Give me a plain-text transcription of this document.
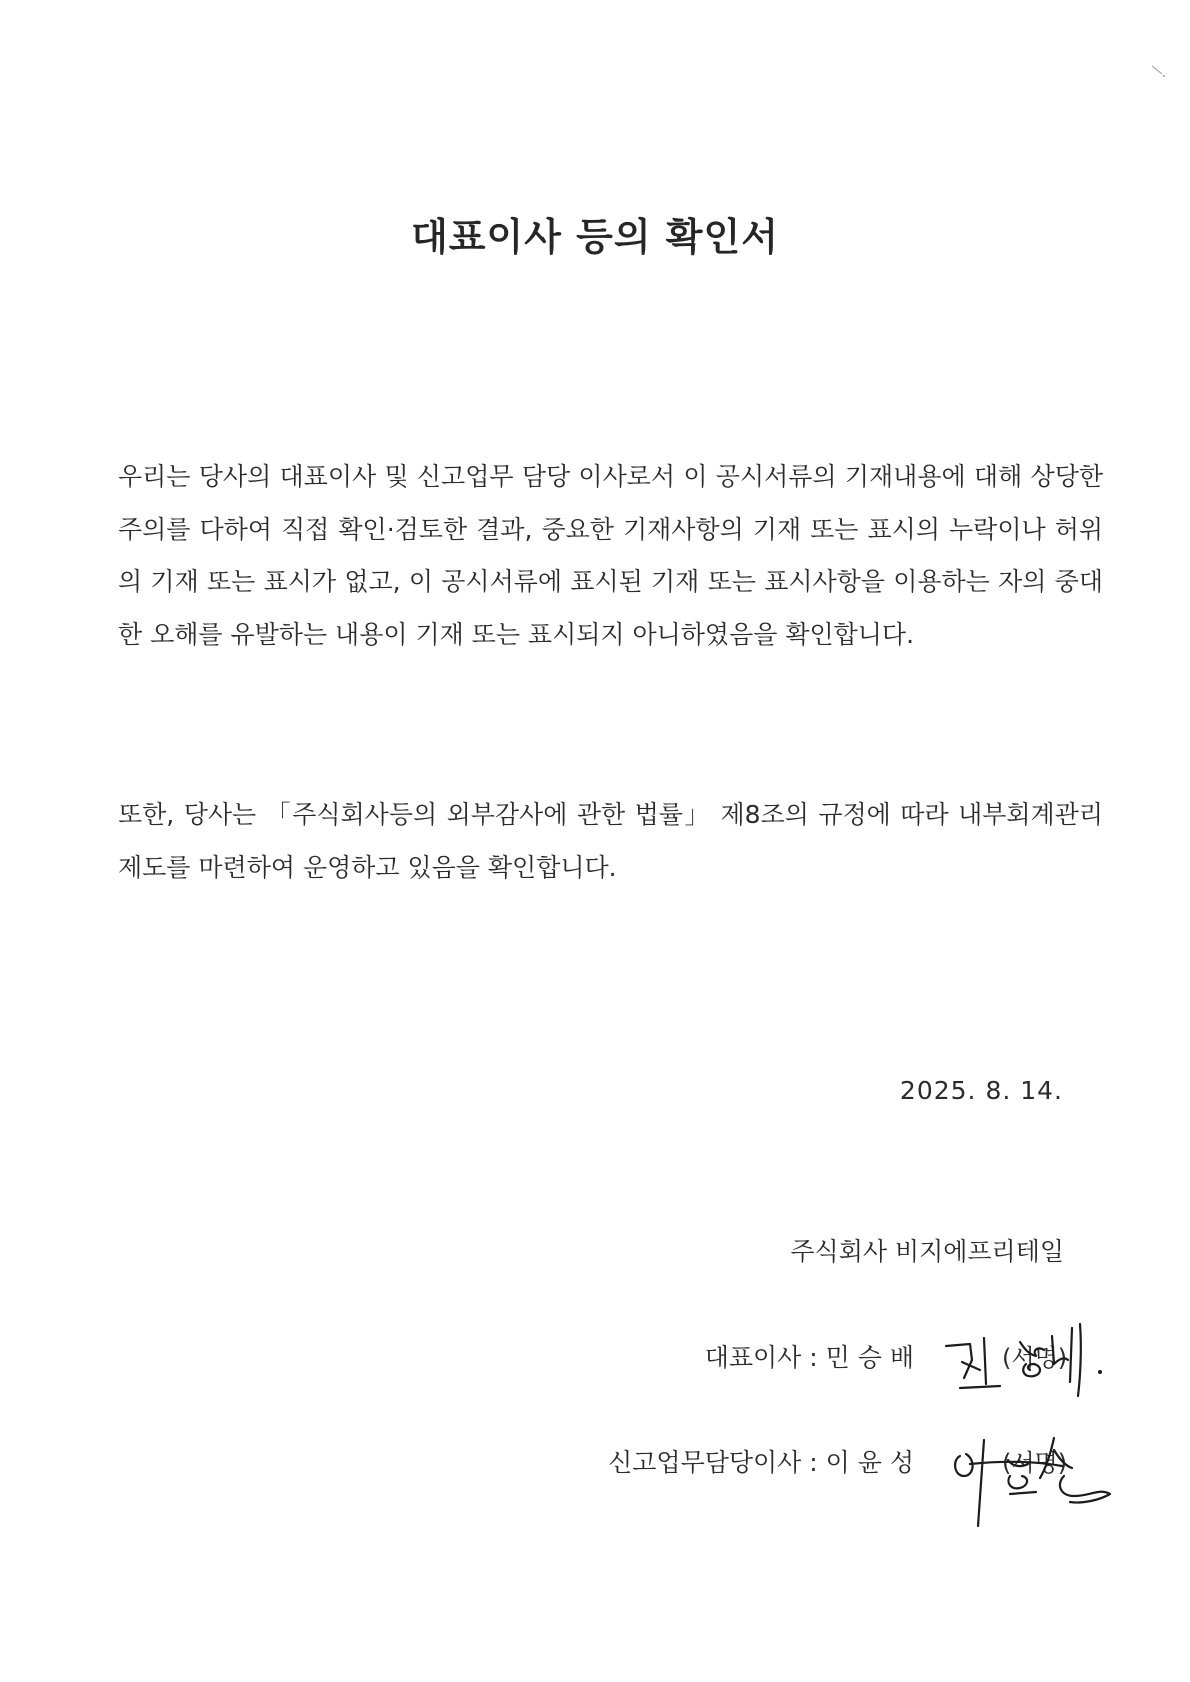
대표이사 등의 확인서
우리는 당사의 대표이사 및 신고업무 담당 이사로서 이 공시서류의 기재내용에 대해 상당한 주의를 다하여 직접 확인·검토한 결과, 중요한 기재사항의 기재 또는 표시의 누락이나 허위의 기재 또는 표시가 없고, 이 공시서류에 표시된 기재 또는 표시사항을 이용하는 자의 중대한 오해를 유발하는 내용이 기재 또는 표시되지 아니하였음을 확인합니다.
또한, 당사는 「주식회사등의 외부감사에 관한 법률」 제8조의 규정에 따라 내부회계관리제도를 마련하여 운영하고 있음을 확인합니다.
2025. 8. 14.
주식회사 비지에프리테일
대표이사 : 민 승 배	(서명)
신고업무담당이사 : 이 윤 성	(서명)
